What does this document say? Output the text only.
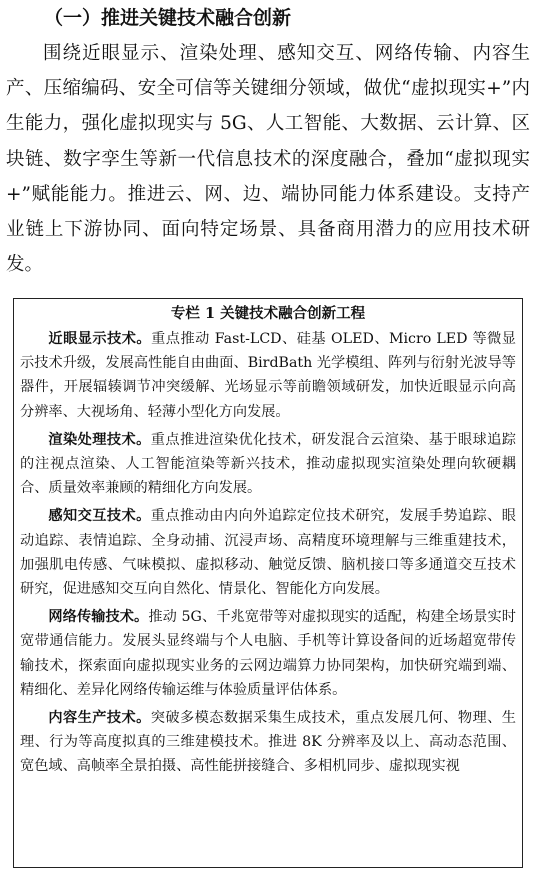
（一）推进关键技术融合创新

围绕近眼显示、渲染处理、感知交互、网络传输、内容生产、压缩编码、安全可信等关键细分领域，做优“虚拟现实+”内生能力，强化虚拟现实与 5G、人工智能、大数据、云计算、区块链、数字孪生等新一代信息技术的深度融合，叠加“虚拟现实+”赋能能力。推进云、网、边、端协同能力体系建设。支持产业链上下游协同、面向特定场景、具备商用潜力的应用技术研发。

专栏 1 关键技术融合创新工程

近眼显示技术。重点推动 Fast-LCD、硅基 OLED、Micro LED 等微显示技术升级，发展高性能自由曲面、BirdBath 光学模组、阵列与衍射光波导等器件，开展辐辏调节冲突缓解、光场显示等前瞻领域研发，加快近眼显示向高分辨率、大视场角、轻薄小型化方向发展。

渲染处理技术。重点推进渲染优化技术，研发混合云渲染、基于眼球追踪的注视点渲染、人工智能渲染等新兴技术，推动虚拟现实渲染处理向软硬耦合、质量效率兼顾的精细化方向发展。

感知交互技术。重点推动由内向外追踪定位技术研究，发展手势追踪、眼动追踪、表情追踪、全身动捕、沉浸声场、高精度环境理解与三维重建技术，加强肌电传感、气味模拟、虚拟移动、触觉反馈、脑机接口等多通道交互技术研究，促进感知交互向自然化、情景化、智能化方向发展。

网络传输技术。推动 5G、千兆宽带等对虚拟现实的适配，构建全场景实时宽带通信能力。发展头显终端与个人电脑、手机等计算设备间的近场超宽带传输技术，探索面向虚拟现实业务的云网边端算力协同架构，加快研究端到端、精细化、差异化网络传输运维与体验质量评估体系。

内容生产技术。突破多模态数据采集生成技术，重点发展几何、物理、生理、行为等高度拟真的三维建模技术。推进 8K 分辨率及以上、高动态范围、宽色域、高帧率全景拍摄、高性能拼接缝合、多相机同步、虚拟现实视
